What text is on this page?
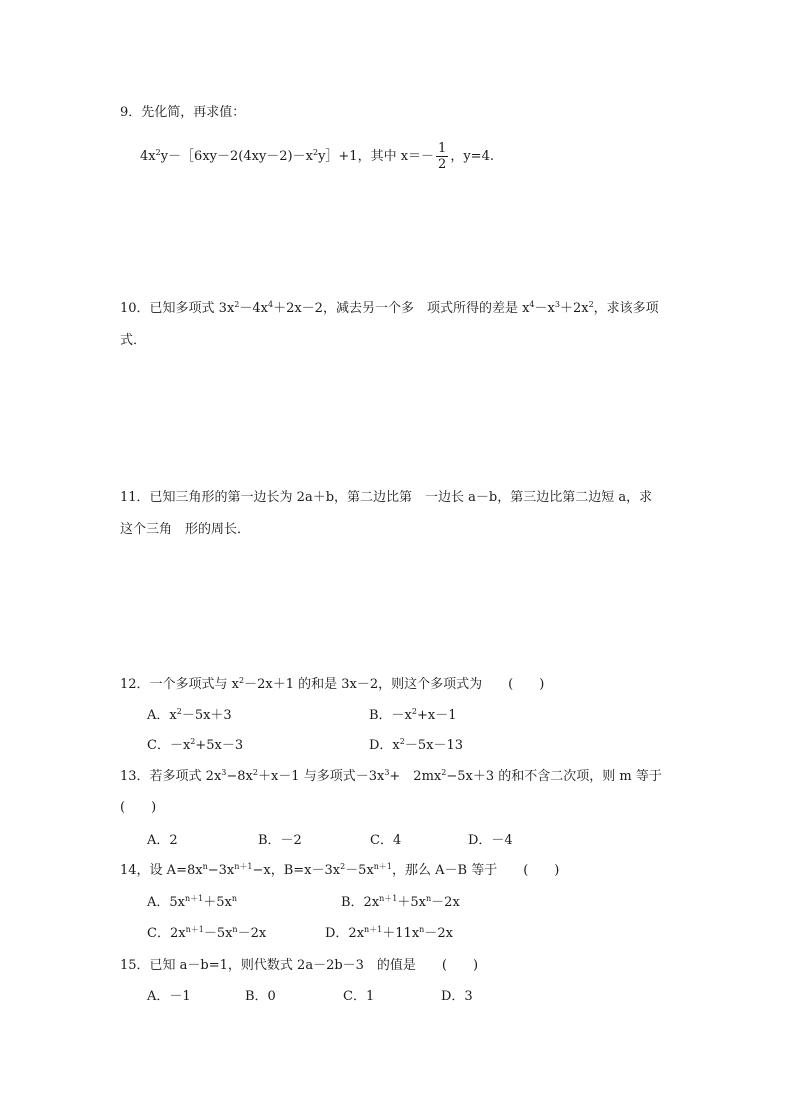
9．先化简，再求值：
$4x^2y-[6xy-2(4xy-2)-x^2y]+1$，其中 $x=- \frac{1}{2}$ ，y=4.
10．已知多项式 $3x^2-4x^4+2x-2$，减去另一个多　项式所得的差是 $x^4-x^3+2x^2$，求该多项
式．
11．已知三角形的第一边长为 2a＋b，第二边比第　一边长 a－b，第三边比第二边短 a，求
这个三角　形的周长．
12．一个多项式与 $x^2-2x+1$ 的和是 3x－2，则这个多项式为　　(　　)
A．$x^2-5x+3$	B．$-x^2+x-1$
C．$-x^2+5x-3$	D．$x^2-5x-13$
13．若多项式 $2x^3-8x^2+x-1$ 与多项式$-3x^3+$　$2mx^2-5x+3$ 的和不含二次项，则 m 等于
(　　)
A．2	B．－2	C．4	D．－4
14，设 $A=8x^n-3x^{n+1}-x$，$B=x-3x^2-5x^{n+1}$，那么 A－B 等于　　(　　)
A．$5x^{n+1}+5x^n$	B．$2x^{n+1}+5x^n-2x$
C．$2x^{n+1}-5x^n-2x$	D．$2x^{n+1}+11x^n-2x$
15．已知 a－b=1，则代数式 2a－2b－3　的值是　　(　　)
A．－1	B．0	C．1	D．3
